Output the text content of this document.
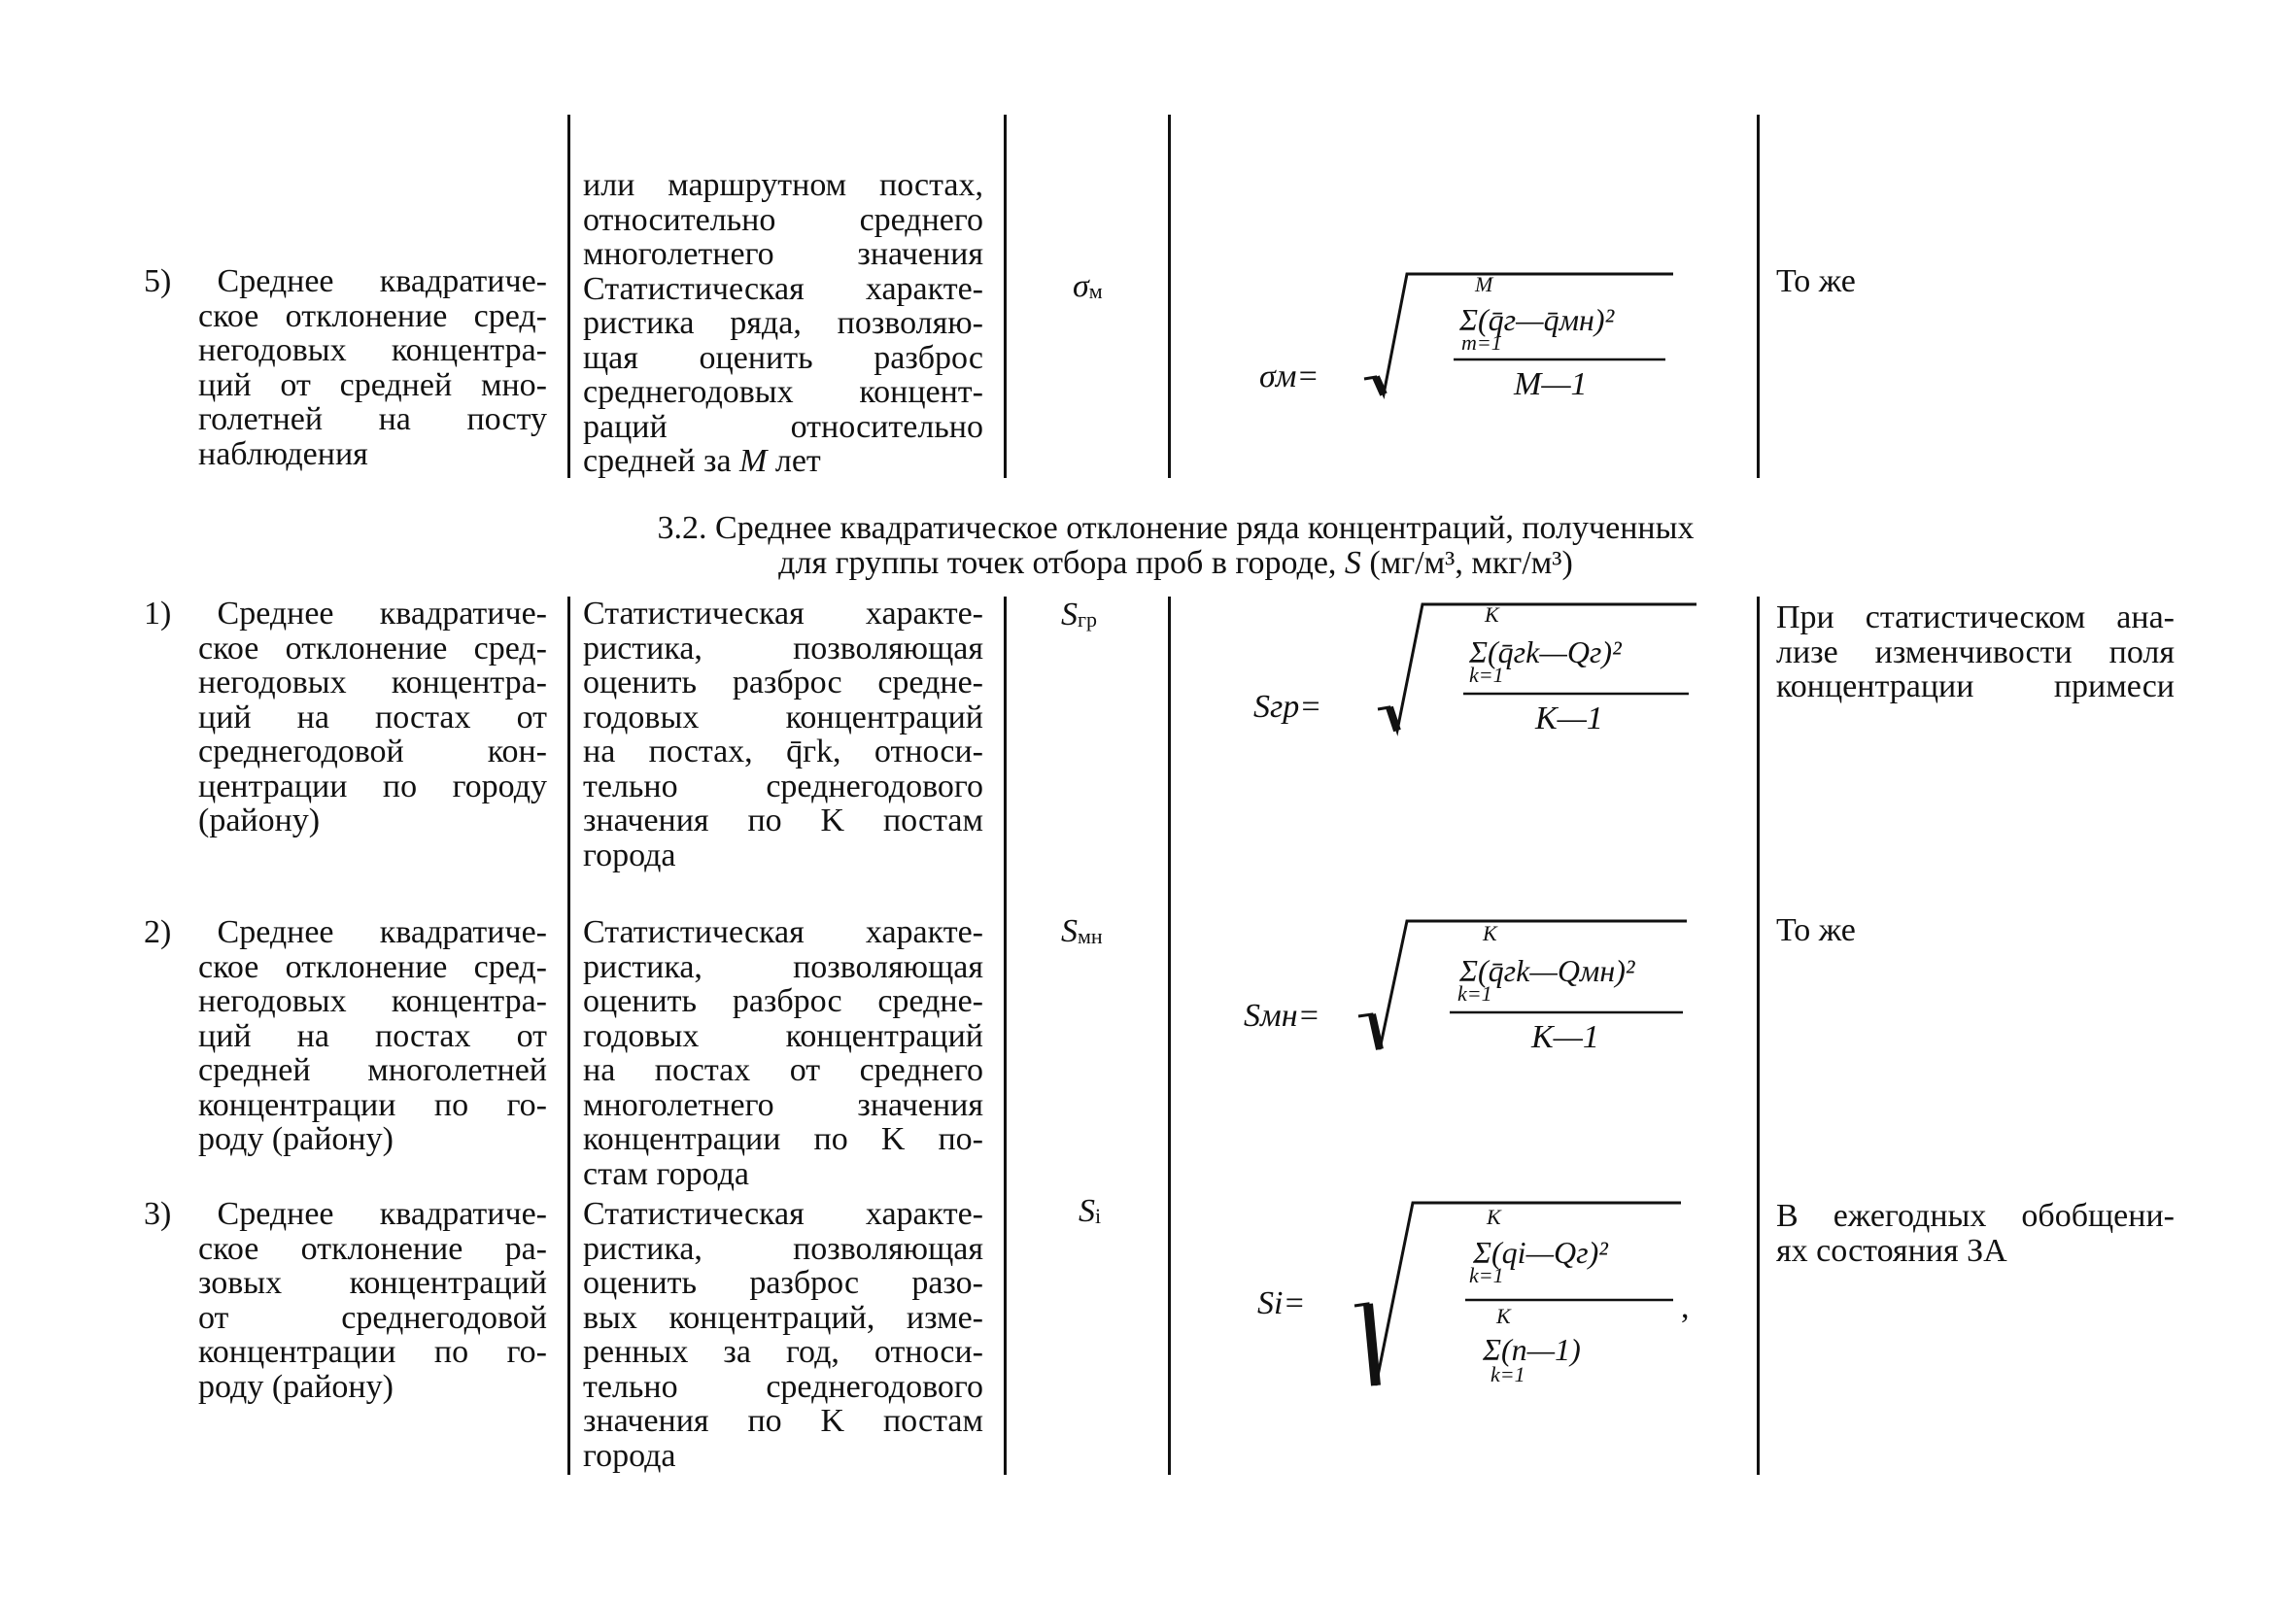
5) Среднее квадратиче-
ское отклонение сред-
негодовых концентра-
ций от средней мно-
голетней на посту
наблюдения
или маршрутном постах,
относительно среднего
многолетнего значения
Статистическая характе-
ристика ряда, позволяю-
щая оценить разброс
среднегодовых концент-
раций относительно
средней за M лет
$\sigma_м$
σм=
M
Σ(q̄г—q̄мн)²
m=1
M—1
То же
3.2. Среднее квадратическое отклонение ряда концентраций, полученных
для группы точек отбора проб в городе, S (мг/м³, мкг/м³)
1) Среднее квадратиче-
ское отклонение сред-
негодовых концентра-
ций на постах от
среднегодовой кон-
центрации по городу
(району)
Статистическая характе-
ристика, позволяющая
оценить разброс средне-
годовых концентраций
на постах, q̄гk, относи-
тельно среднегодового
значения по K постам
города
$S_{гр}$
Sгр=
K
Σ(q̄гk—Qг)²
k=1
K—1
При статистическом ана-
лизе изменчивости поля
концентрации примеси
2) Среднее квадратиче-
ское отклонение сред-
негодовых концентра-
ций на постах от
средней многолетней
концентрации по го-
роду (району)
Статистическая характе-
ристика, позволяющая
оценить разброс средне-
годовых концентраций
на постах от среднего
многолетнего значения
концентрации по K по-
стам города
$S_{мн}$
Sмн=
K
Σ(q̄гk—Qмн)²
k=1
K—1
То же
3) Среднее квадратиче-
ское отклонение ра-
зовых концентраций
от среднегодовой
концентрации по го-
роду (району)
Статистическая характе-
ристика, позволяющая
оценить разброс разо-
вых концентраций, изме-
ренных за год, относи-
тельно среднегодового
значения по K постам
города
$S_i$
Si=
K
Σ(qi—Qг)²
k=1
,
K
Σ(n—1)
k=1
В ежегодных обобщени-
ях состояния ЗА
